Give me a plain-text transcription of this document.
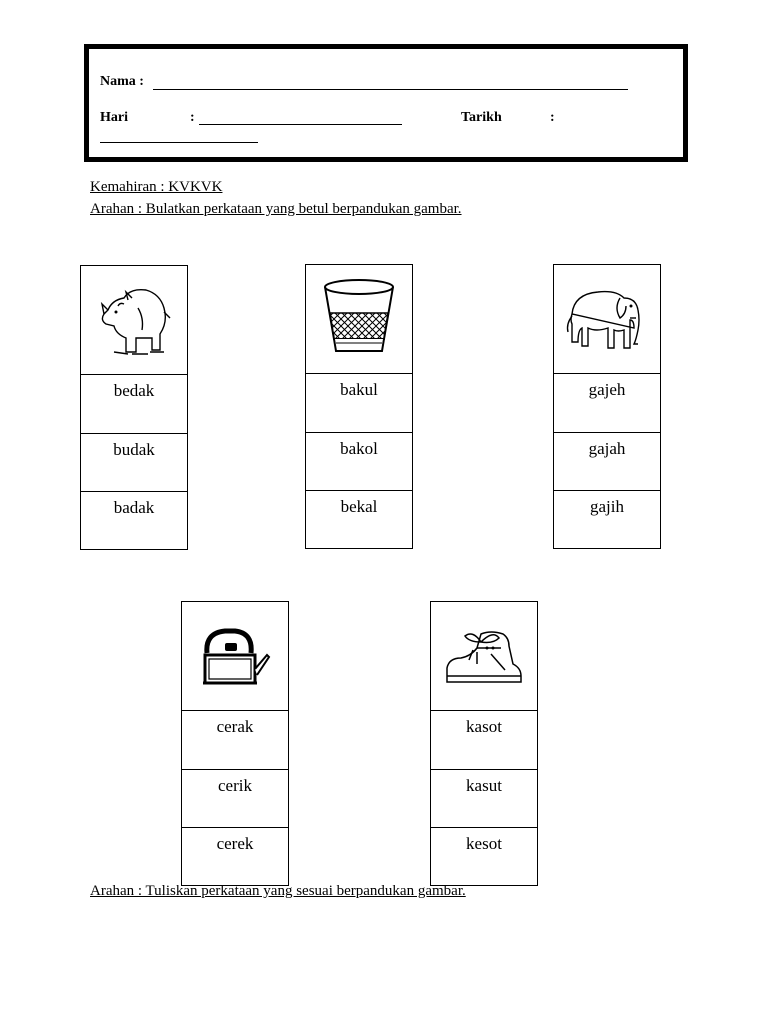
Nama :
Hari	:	Tarikh	:
Kemahiran : KVKVK
Arahan : Bulatkan perkataan yang betul berpandukan gambar.
bedak
budak
badak
bakul
bakol
bekal
gajeh
gajah
gajih
cerak
cerik
cerek
kasot
kasut
kesot
Arahan : Tuliskan perkataan yang sesuai berpandukan gambar.
